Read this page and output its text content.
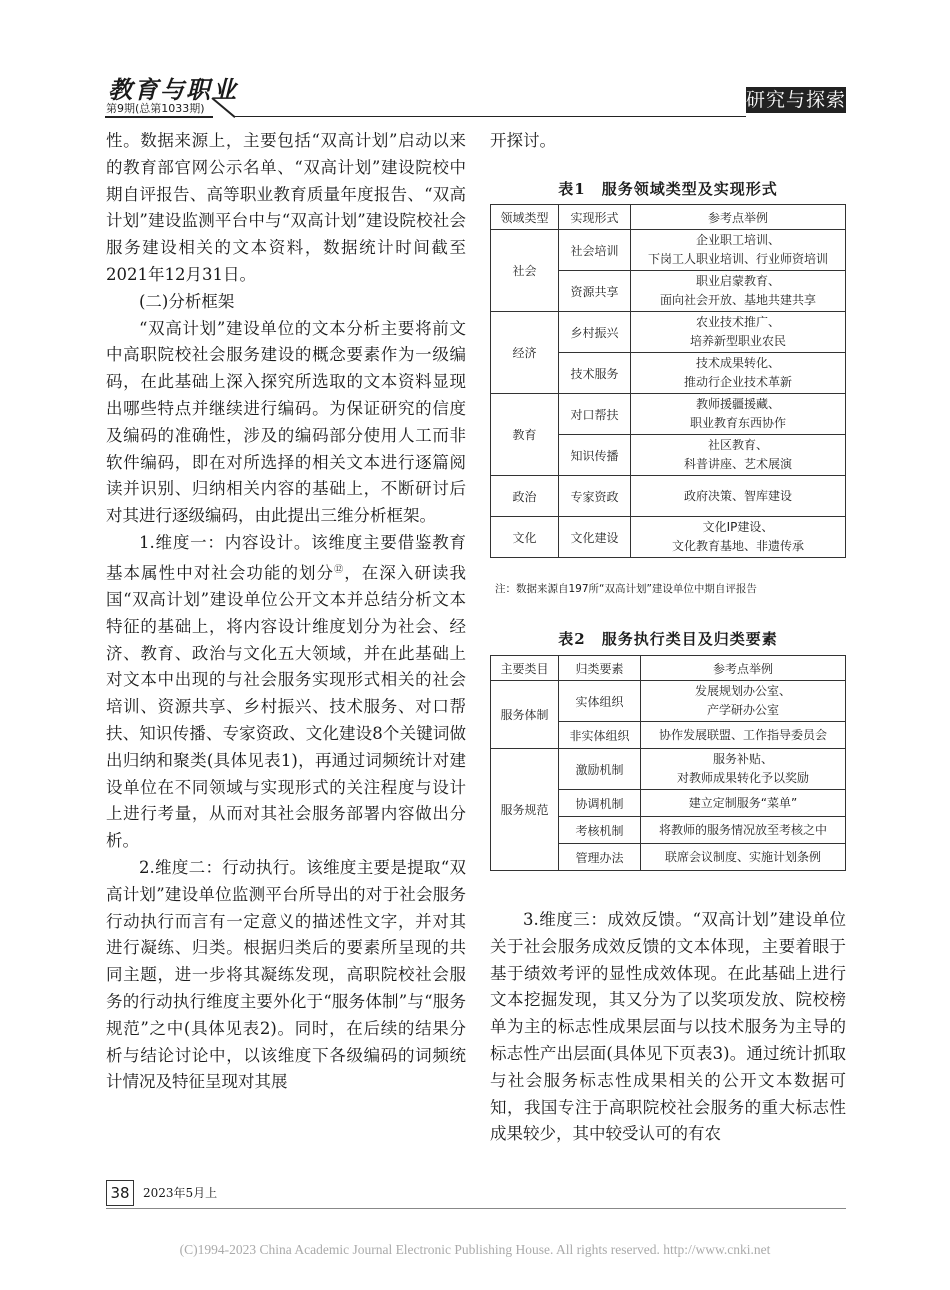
教育与职业
第9期(总第1033期)	研究与探索

性。数据来源上，主要包括“双高计划”启动以来的教育部官网公示名单、“双高计划”建设院校中期自评报告、高等职业教育质量年度报告、“双高计划”建设监测平台中与“双高计划”建设院校社会服务建设相关的文本资料，数据统计时间截至2021年12月31日。

(二)分析框架

“双高计划”建设单位的文本分析主要将前文中高职院校社会服务建设的概念要素作为一级编码，在此基础上深入探究所选取的文本资料显现出哪些特点并继续进行编码。为保证研究的信度及编码的准确性，涉及的编码部分使用人工而非软件编码，即在对所选择的相关文本进行逐篇阅读并识别、归纳相关内容的基础上，不断研讨后对其进行逐级编码，由此提出三维分析框架。

1.维度一：内容设计。该维度主要借鉴教育基本属性中对社会功能的划分⑫，在深入研读我国“双高计划”建设单位公开文本并总结分析文本特征的基础上，将内容设计维度划分为社会、经济、教育、政治与文化五大领域，并在此基础上对文本中出现的与社会服务实现形式相关的社会培训、资源共享、乡村振兴、技术服务、对口帮扶、知识传播、专家资政、文化建设8个关键词做出归纳和聚类(具体见表1)，再通过词频统计对建设单位在不同领域与实现形式的关注程度与设计上进行考量，从而对其社会服务部署内容做出分析。

2.维度二：行动执行。该维度主要是提取“双高计划”建设单位监测平台所导出的对于社会服务行动执行而言有一定意义的描述性文字，并对其进行凝练、归类。根据归类后的要素所呈现的共同主题，进一步将其凝练发现，高职院校社会服务的行动执行维度主要外化于“服务体制”与“服务规范”之中(具体见表2)。同时，在后续的结果分析与结论讨论中，以该维度下各级编码的词频统计情况及特征呈现对其展

开探讨。

表1　服务领域类型及实现形式
领域类型	实现形式	参考点举例
社会	社会培训	企业职工培训、
下岗工人职业培训、行业师资培训

	资源共享	职业启蒙教育、
面向社会开放、基地共建共享

经济	乡村振兴	农业技术推广、
培养新型职业农民

	技术服务	技术成果转化、
推动行企业技术革新

教育	对口帮扶	教师援疆援藏、
职业教育东西协作

	知识传播	社区教育、
科普讲座、艺术展演

政治	专家资政	政府决策、智库建设

文化	文化建设	文化IP建设、
文化教育基地、非遗传承
注：数据来源自197所“双高计划”建设单位中期自评报告
表2　服务执行类目及归类要素
主要类目	归类要素	参考点举例
服务体制	实体组织	发展规划办公室、
产学研办公室

	非实体组织	协作发展联盟、工作指导委员会

服务规范	激励机制	服务补贴、
对教师成果转化予以奖励

	协调机制	建立定制服务“菜单”

	考核机制	将教师的服务情况放至考核之中

	管理办法	联席会议制度、实施计划条例

3.维度三：成效反馈。“双高计划”建设单位关于社会服务成效反馈的文本体现，主要着眼于基于绩效考评的显性成效体现。在此基础上进行文本挖掘发现，其又分为了以奖项发放、院校榜单为主的标志性成果层面与以技术服务为主导的标志性产出层面(具体见下页表3)。通过统计抓取与社会服务标志性成果相关的公开文本数据可知，我国专注于高职院校社会服务的重大标志性成果较少，其中较受认可的有农

38	2023年5月上
(C)1994-2023 China Academic Journal Electronic Publishing House. All rights reserved. http://www.cnki.net
